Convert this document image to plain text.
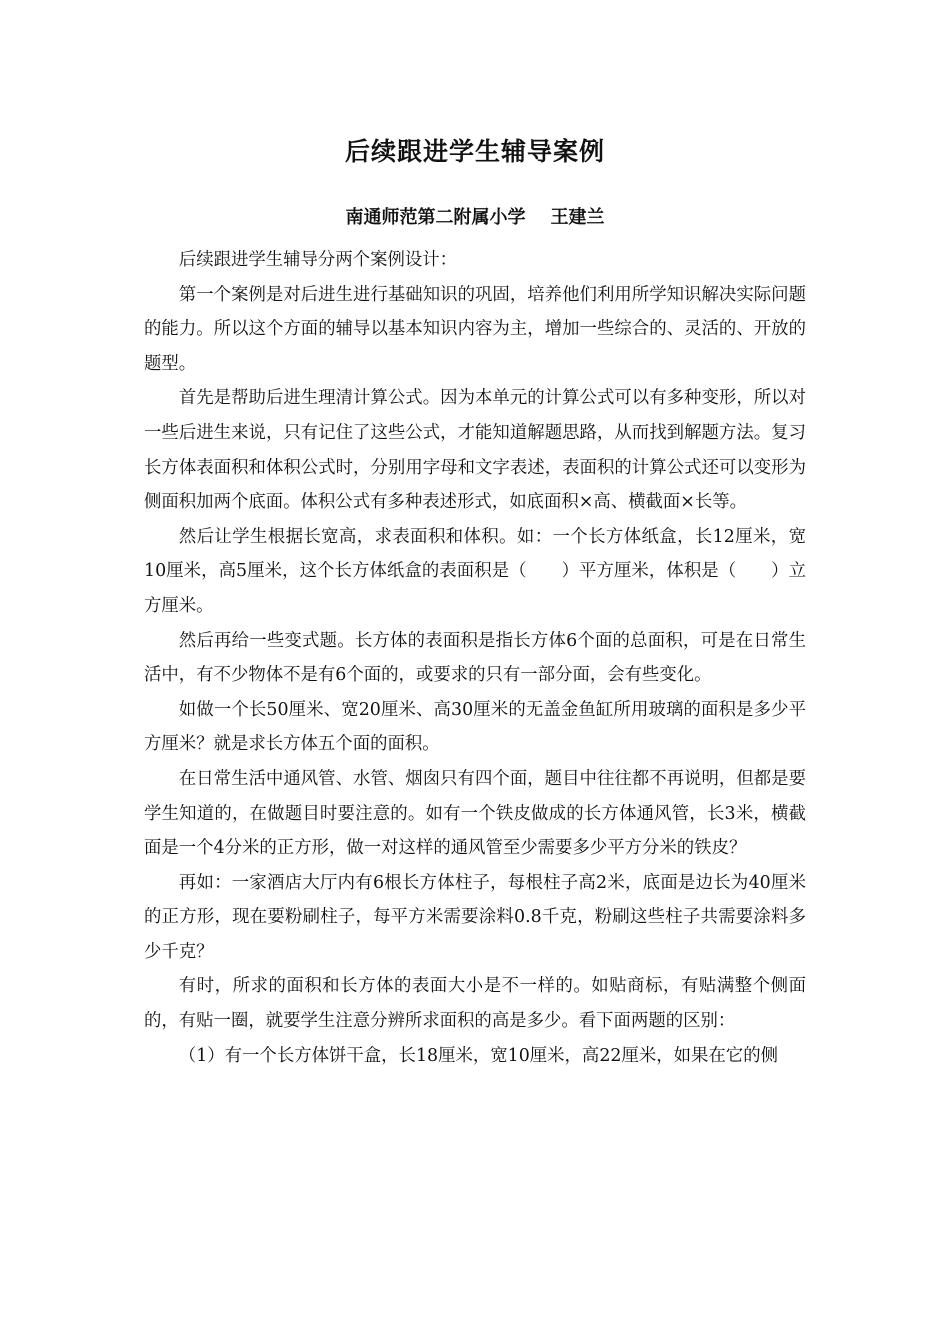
后续跟进学生辅导案例
南通师范第二附属小学    王建兰

后续跟进学生辅导分两个案例设计：

第一个案例是对后进生进行基础知识的巩固，培养他们利用所学知识解决实际问题的能力。所以这个方面的辅导以基本知识内容为主，增加一些综合的、灵活的、开放的题型。

首先是帮助后进生理清计算公式。因为本单元的计算公式可以有多种变形，所以对一些后进生来说，只有记住了这些公式，才能知道解题思路，从而找到解题方法。复习长方体表面积和体积公式时，分别用字母和文字表述，表面积的计算公式还可以变形为侧面积加两个底面。体积公式有多种表述形式，如底面积×高、横截面×长等。

然后让学生根据长宽高，求表面积和体积。如：一个长方体纸盒，长12厘米，宽10厘米，高5厘米，这个长方体纸盒的表面积是（　　）平方厘米，体积是（　　）立方厘米。

然后再给一些变式题。长方体的表面积是指长方体6个面的总面积，可是在日常生活中，有不少物体不是有6个面的，或要求的只有一部分面，会有些变化。

如做一个长50厘米、宽20厘米、高30厘米的无盖金鱼缸所用玻璃的面积是多少平方厘米？就是求长方体五个面的面积。

在日常生活中通风管、水管、烟囱只有四个面，题目中往往都不再说明，但都是要学生知道的，在做题目时要注意的。如有一个铁皮做成的长方体通风管，长3米，横截面是一个4分米的正方形，做一对这样的通风管至少需要多少平方分米的铁皮？

再如：一家酒店大厅内有6根长方体柱子，每根柱子高2米，底面是边长为40厘米的正方形，现在要粉刷柱子，每平方米需要涂料0.8千克，粉刷这些柱子共需要涂料多少千克？

有时，所求的面积和长方体的表面大小是不一样的。如贴商标，有贴满整个侧面的，有贴一圈，就要学生注意分辨所求面积的高是多少。看下面两题的区别：

（1）有一个长方体饼干盒，长18厘米，宽10厘米，高22厘米，如果在它的侧
